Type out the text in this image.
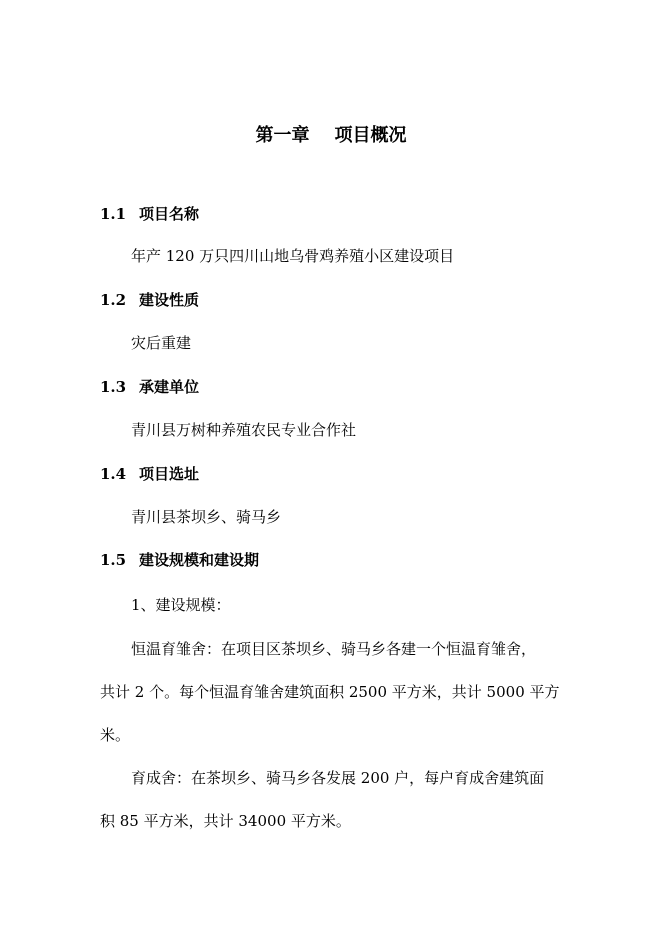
第一章    项目概况
1.1 项目名称
年产 120 万只四川山地乌骨鸡养殖小区建设项目
1.2 建设性质
灾后重建
1.3 承建单位
青川县万树种养殖农民专业合作社
1.4 项目选址
青川县茶坝乡、骑马乡
1.5 建设规模和建设期
1、建设规模：
恒温育雏舍：在项目区茶坝乡、骑马乡各建一个恒温育雏舍，
共计 2 个。每个恒温育雏舍建筑面积 2500 平方米，共计 5000 平方
米。
育成舍：在茶坝乡、骑马乡各发展 200 户，每户育成舍建筑面
积 85 平方米，共计 34000 平方米。
